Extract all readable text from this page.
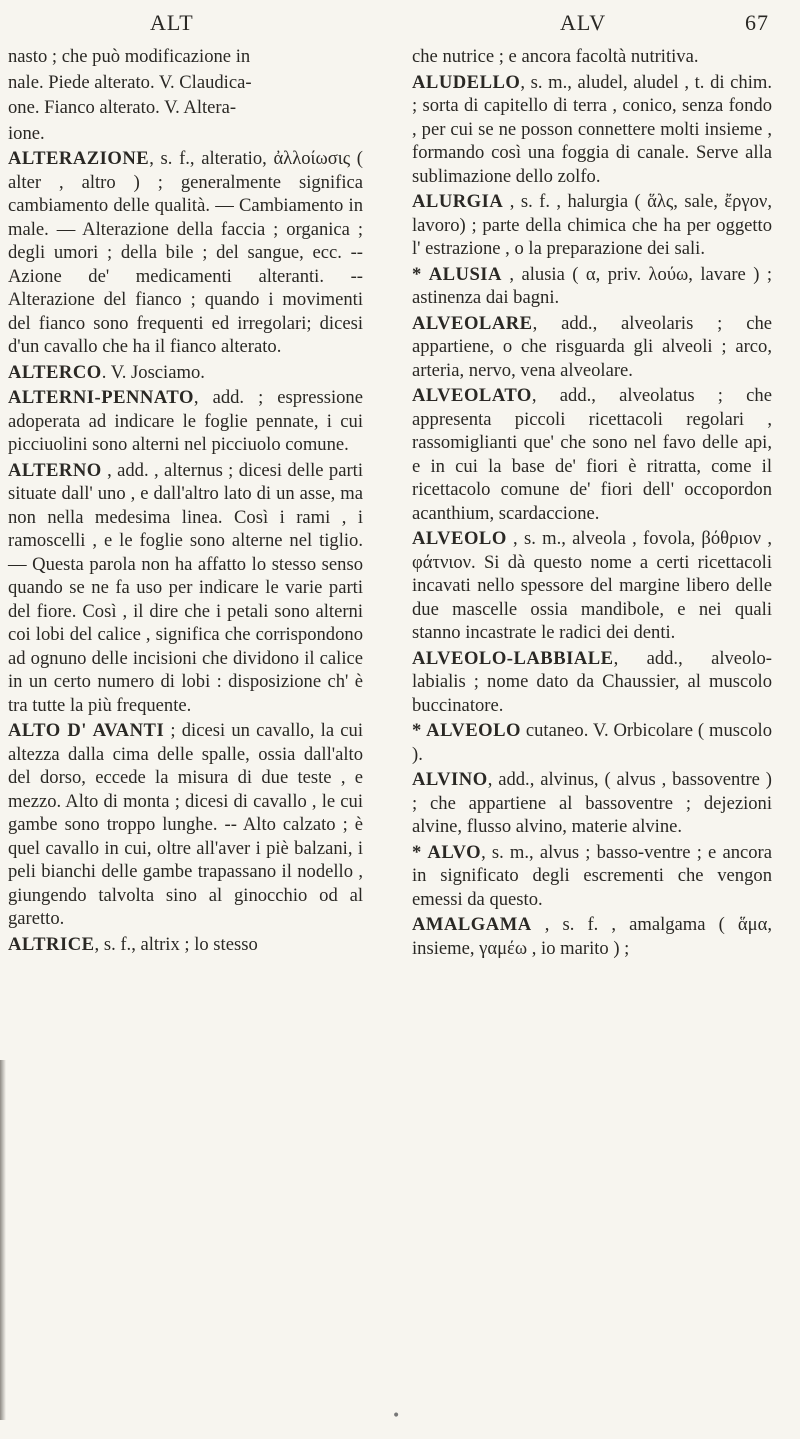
ALT	ALV	67

nasto ; che può modificazione in

nale. Piede alterato. V. Claudica-

one. Fianco alterato. V. Altera-

ione.

ALTERAZIONE, s. f., alteratio, ἀλλοίωσις ( alter , altro ) ; generalmente significa cambiamento delle qualità. — Cambiamento in male. — Alterazione della faccia ; organica ; degli umori ; della bile ; del sangue, ecc. -- Azione de' medicamenti alteranti. -- Alterazione del fianco ; quando i movimenti del fianco sono frequenti ed irregolari; dicesi d'un cavallo che ha il fianco alterato.

ALTERCO. V. Josciamo.

ALTERNI-PENNATO, add. ; espressione adoperata ad indicare le foglie pennate, i cui picciuolini sono alterni nel picciuolo comune.

ALTERNO , add. , alternus ; dicesi delle parti situate dall' uno , e dall'altro lato di un asse, ma non nella medesima linea. Così i rami , i ramoscelli , e le foglie sono alterne nel tiglio. — Questa parola non ha affatto lo stesso senso quando se ne fa uso per indicare le varie parti del fiore. Così , il dire che i petali sono alterni coi lobi del calice , significa che corrispondono ad ognuno delle incisioni che dividono il calice in un certo numero di lobi : disposizione ch' è tra tutte la più frequente.

ALTO D' AVANTI ; dicesi un cavallo, la cui altezza dalla cima delle spalle, ossia dall'alto del dorso, eccede la misura di due teste , e mezzo. Alto di monta ; dicesi di cavallo , le cui gambe sono troppo lunghe. -- Alto calzato ; è quel cavallo in cui, oltre all'aver i piè balzani, i peli bianchi delle gambe trapassano il nodello , giungendo talvolta sino al ginocchio od al garetto.

ALTRICE, s. f., altrix ; lo stesso

che nutrice ; e ancora facoltà nutritiva.

ALUDELLO, s. m., aludel, aludel , t. di chim. ; sorta di capitello di terra , conico, senza fondo , per cui se ne posson connettere molti insieme , formando così una foggia di canale. Serve alla sublimazione dello zolfo.

ALURGIA , s. f. , halurgia ( ἅλς, sale, ἔργον, lavoro) ; parte della chimica che ha per oggetto l' estrazione , o la preparazione dei sali.

* ALUSIA , alusia ( α, priv. λούω, lavare ) ; astinenza dai bagni.

ALVEOLARE, add., alveolaris ; che appartiene, o che risguarda gli alveoli ; arco, arteria, nervo, vena alveolare.

ALVEOLATO, add., alveolatus ; che appresenta piccoli ricettacoli regolari , rassomiglianti que' che sono nel favo delle api, e in cui la base de' fiori è ritratta, come il ricettacolo comune de' fiori dell' occopordon acanthium, scardaccione.

ALVEOLO , s. m., alveola , fovola, βόθριον , φάτνιον. Si dà questo nome a certi ricettacoli incavati nello spessore del margine libero delle due mascelle ossia mandibole, e nei quali stanno incastrate le radici dei denti.

ALVEOLO-LABBIALE, add., alveolo-labialis ; nome dato da Chaussier, al muscolo buccinatore.

* ALVEOLO cutaneo. V. Orbicolare ( muscolo ).

ALVINO, add., alvinus, ( alvus , bassoventre ) ; che appartiene al bassoventre ; dejezioni alvine, flusso alvino, materie alvine.

* ALVO, s. m., alvus ; basso-ventre ; e ancora in significato degli escrementi che vengon emessi da questo.

AMALGAMA , s. f. , amalgama ( ἅμα, insieme, γαμέω , io marito ) ;

•
